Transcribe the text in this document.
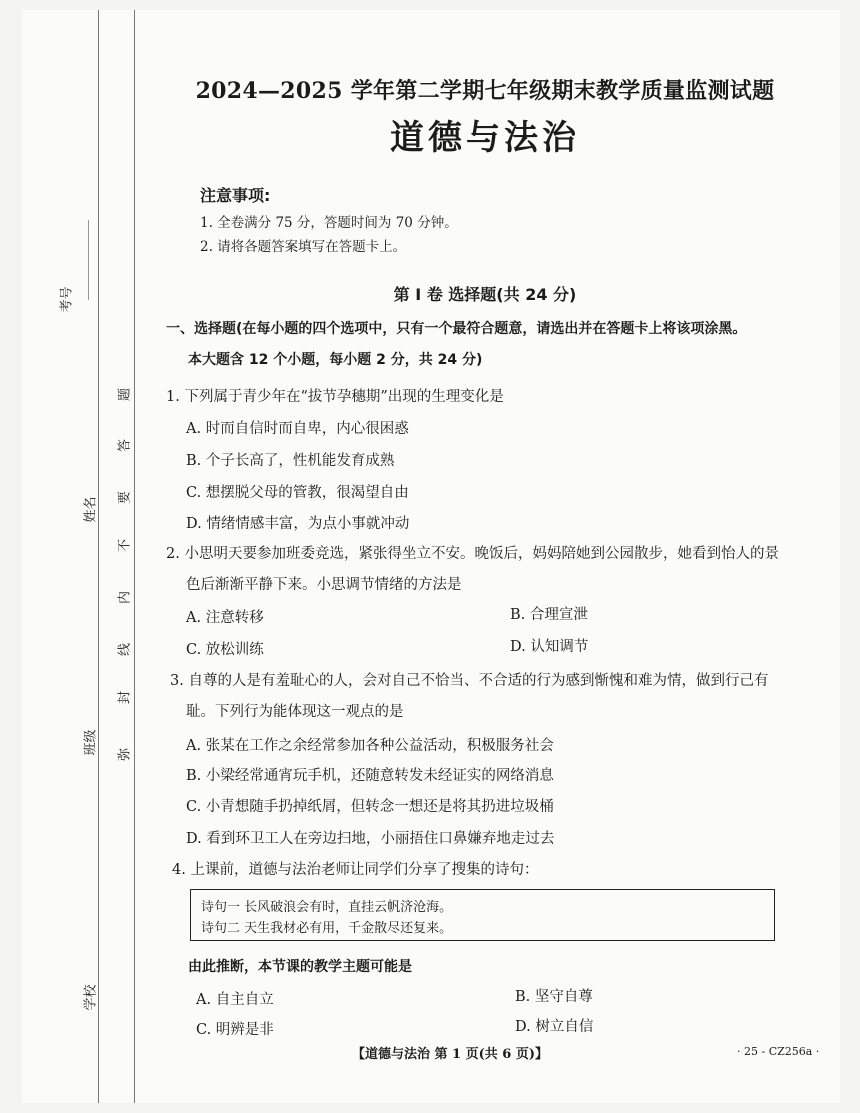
考号
姓名
班级
学校
弥
封
线
内
不
要
答
题
2024—2025 学年第二学期七年级期末教学质量监测试题
道德与法治
注意事项:
1. 全卷满分 75 分，答题时间为 70 分钟。
2. 请将各题答案填写在答题卡上。
第 I 卷 选择题(共 24 分)
一、选择题(在每小题的四个选项中，只有一个最符合题意，请选出并在答题卡上将该项涂黑。
本大题含 12 个小题，每小题 2 分，共 24 分)
1. 下列属于青少年在“拔节孕穗期”出现的生理变化是
A. 时而自信时而自卑，内心很困惑
B. 个子长高了，性机能发育成熟
C. 想摆脱父母的管教，很渴望自由
D. 情绪情感丰富，为点小事就冲动
2. 小思明天要参加班委竞选，紧张得坐立不安。晚饭后，妈妈陪她到公园散步，她看到怡人的景
色后渐渐平静下来。小思调节情绪的方法是
A. 注意转移	B. 合理宣泄
C. 放松训练	D. 认知调节
3. 自尊的人是有羞耻心的人，会对自己不恰当、不合适的行为感到惭愧和难为情，做到行己有
耻。下列行为能体现这一观点的是
A. 张某在工作之余经常参加各种公益活动，积极服务社会
B. 小梁经常通宵玩手机，还随意转发未经证实的网络消息
C. 小青想随手扔掉纸屑，但转念一想还是将其扔进垃圾桶
D. 看到环卫工人在旁边扫地，小丽捂住口鼻嫌弃地走过去
4. 上课前，道德与法治老师让同学们分享了搜集的诗句：
诗句一 长风破浪会有时，直挂云帆济沧海。
诗句二 天生我材必有用，千金散尽还复来。
由此推断，本节课的教学主题可能是
A. 自主自立	B. 坚守自尊
C. 明辨是非	D. 树立自信
【道德与法治 第 1 页(共 6 页)】	· 25 - CZ256a ·
